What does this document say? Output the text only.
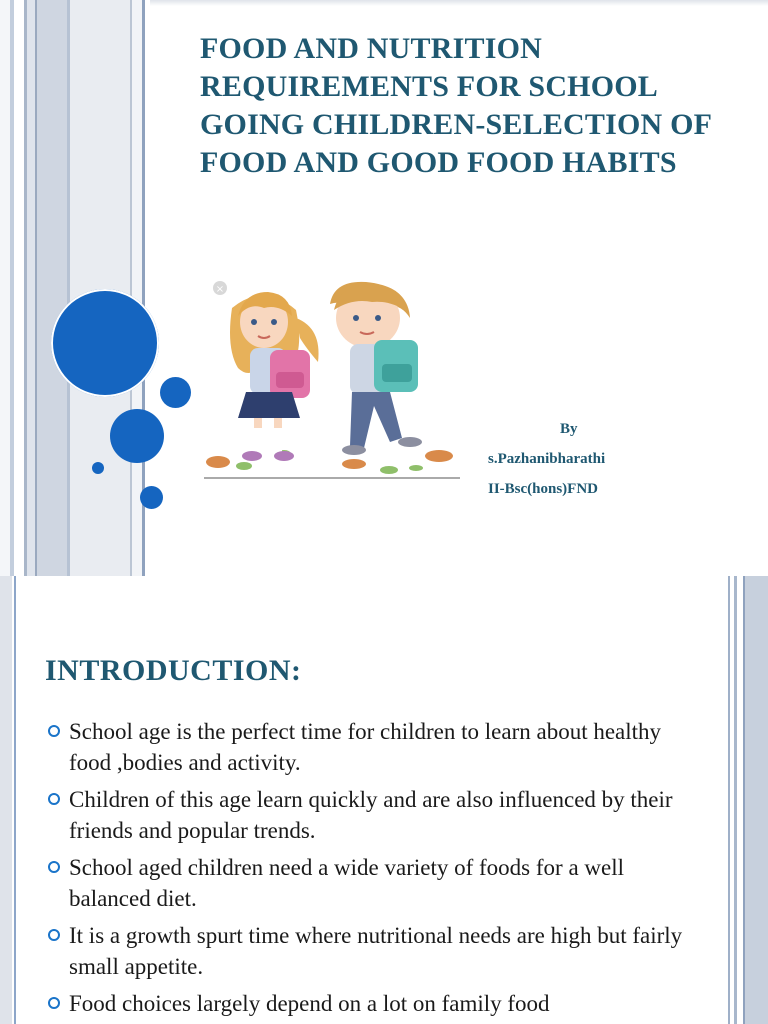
FOOD AND NUTRITION REQUIREMENTS FOR SCHOOL GOING CHILDREN-SELECTION OF FOOD AND GOOD FOOD HABITS
×
By
s.Pazhanibharathi
II-Bsc(hons)FND
INTRODUCTION:
School age is the perfect time for children to learn about healthy food ,bodies and activity.
Children of this age learn quickly and are also influenced by their friends and popular trends.
School aged children need a wide variety of foods for a well balanced diet.
It is a growth spurt time where nutritional needs are high but fairly small appetite.
Food choices largely depend on a lot on family food
